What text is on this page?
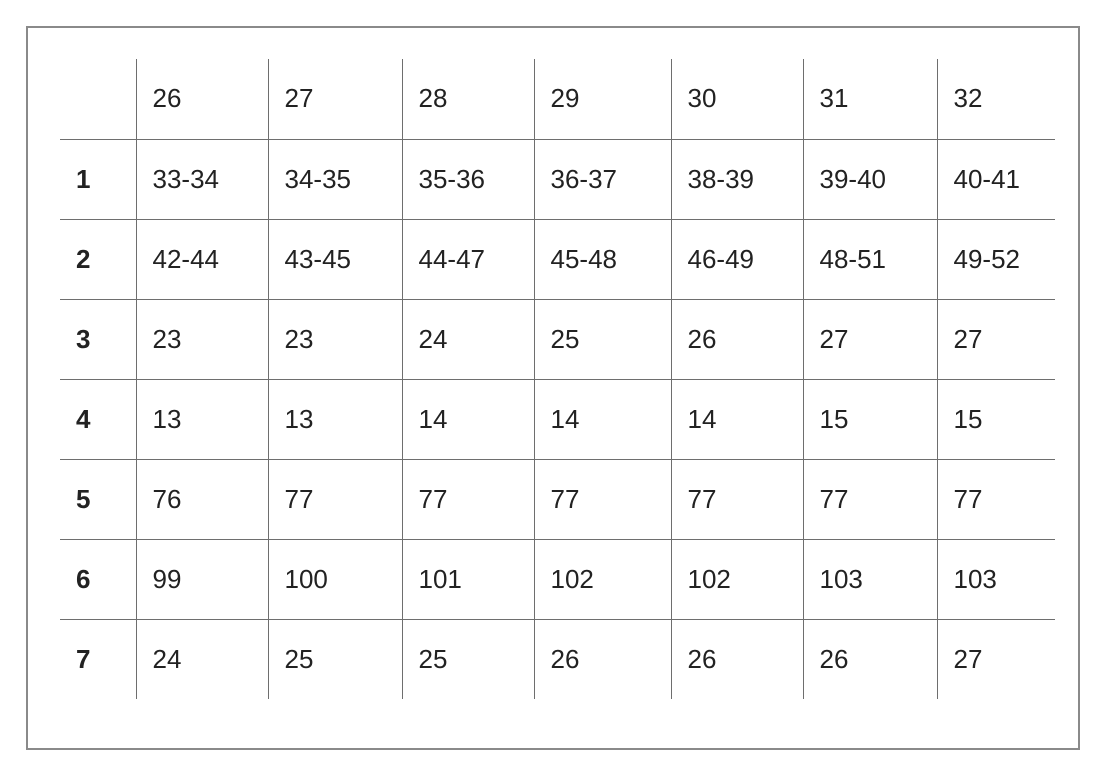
	26	27	28	29	30	31	32
1	33-34	34-35	35-36	36-37	38-39	39-40	40-41
2	42-44	43-45	44-47	45-48	46-49	48-51	49-52
3	23	23	24	25	26	27	27
4	13	13	14	14	14	15	15
5	76	77	77	77	77	77	77
6	99	100	101	102	102	103	103
7	24	25	25	26	26	26	27
